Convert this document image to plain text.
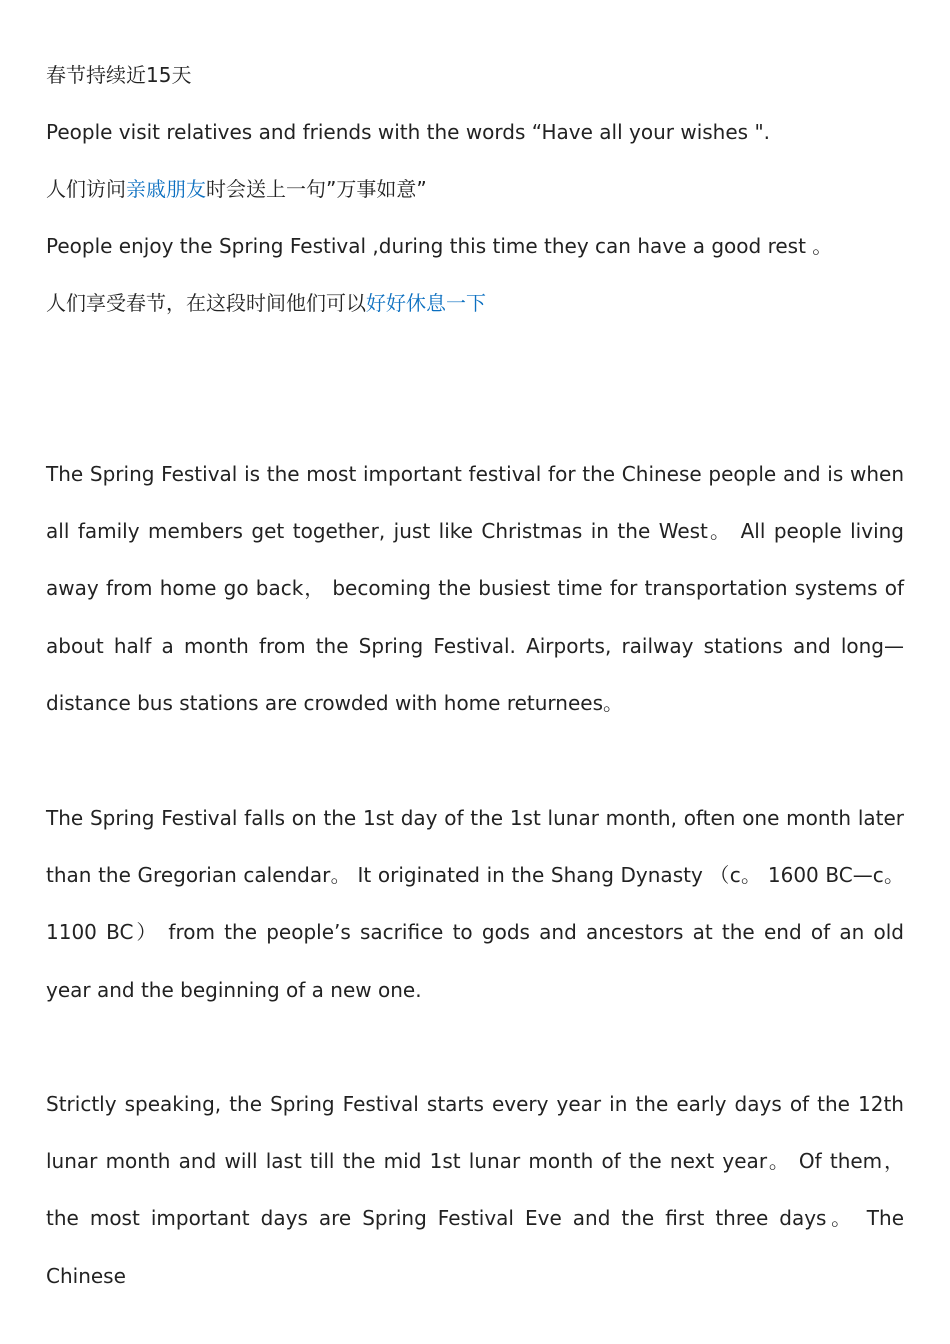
春节持续近15天
People visit relatives and friends with the words “Have all your wishes ".
人们访问亲戚朋友时会送上一句”万事如意”
People enjoy the Spring Festival ,during this time they can have a good rest 。
人们享受春节，在这段时间他们可以好好休息一下

The Spring Festival is the most important festival for the Chinese people and is when all family members get together, just like Christmas in the West。 All people living away from home go back， becoming the busiest time for transportation systems of about half a month from the Spring Festival. Airports, railway stations and long—distance bus stations are crowded with home returnees。

The Spring Festival falls on the 1st day of the 1st lunar month, often one month later than the Gregorian calendar。 It originated in the Shang Dynasty （c。 1600 BC—c。 1100 BC） from the people’s sacrifice to gods and ancestors at the end of an old year and the beginning of a new one.

Strictly speaking, the Spring Festival starts every year in the early days of the 12th lunar month and will last till the mid 1st lunar month of the next year。 Of them， the most important days are Spring Festival Eve and the first three days。 The Chinese
